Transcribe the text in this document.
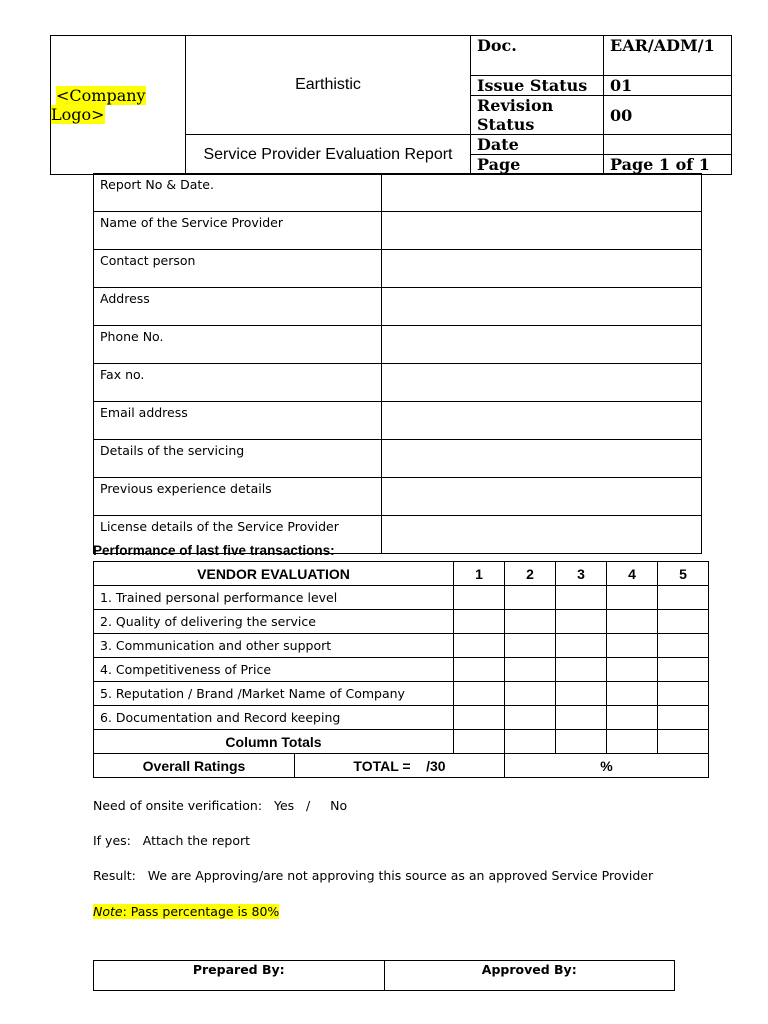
<Company Logo>	Earthistic	Doc.	EAR/ADM/1
		Issue Status	01
		Revision Status	00
	Service Provider Evaluation Report	Date	
		Page	Page 1 of 1
Report No & Date.	
Name of the Service Provider	
Contact person	
Address	
Phone No.	
Fax no.	
Email address	
Details of the servicing	
Previous experience details	
License details of the Service Provider	
Performance of last five transactions:
VENDOR EVALUATION		1	2	3	4	5
1. Trained personal performance level						
2. Quality of delivering the service						
3. Communication and other support						
4. Competitiveness of Price						
5. Reputation / Brand /Market Name of Company						
6. Documentation and Record keeping						
Column Totals						
Overall Ratings	TOTAL =    /30		%			
Need of onsite verification:   Yes   /     No
If yes:   Attach the report
Result:   We are Approving/are not approving this source as an approved Service Provider
Note: Pass percentage is 80%
Prepared By:	Approved By:
